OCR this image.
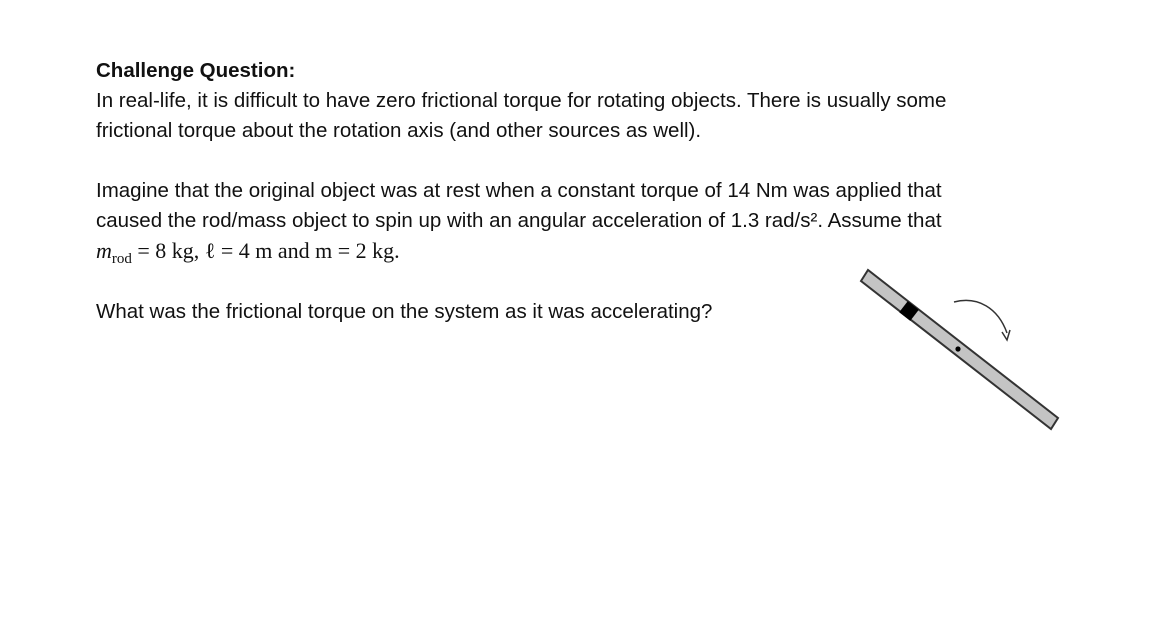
Challenge Question:

In real-life, it is difficult to have zero frictional torque for rotating objects. There is usually some

frictional torque about the rotation axis (and other sources as well).

Imagine that the original object was at rest when a constant torque of 14 Nm was applied that

caused the rod/mass object to spin up with an angular acceleration of 1.3 rad/s². Assume that

$m_{rod} = 8$ kg, ℓ = 4 m and m = 2 kg.

What was the frictional torque on the system as it was accelerating?
